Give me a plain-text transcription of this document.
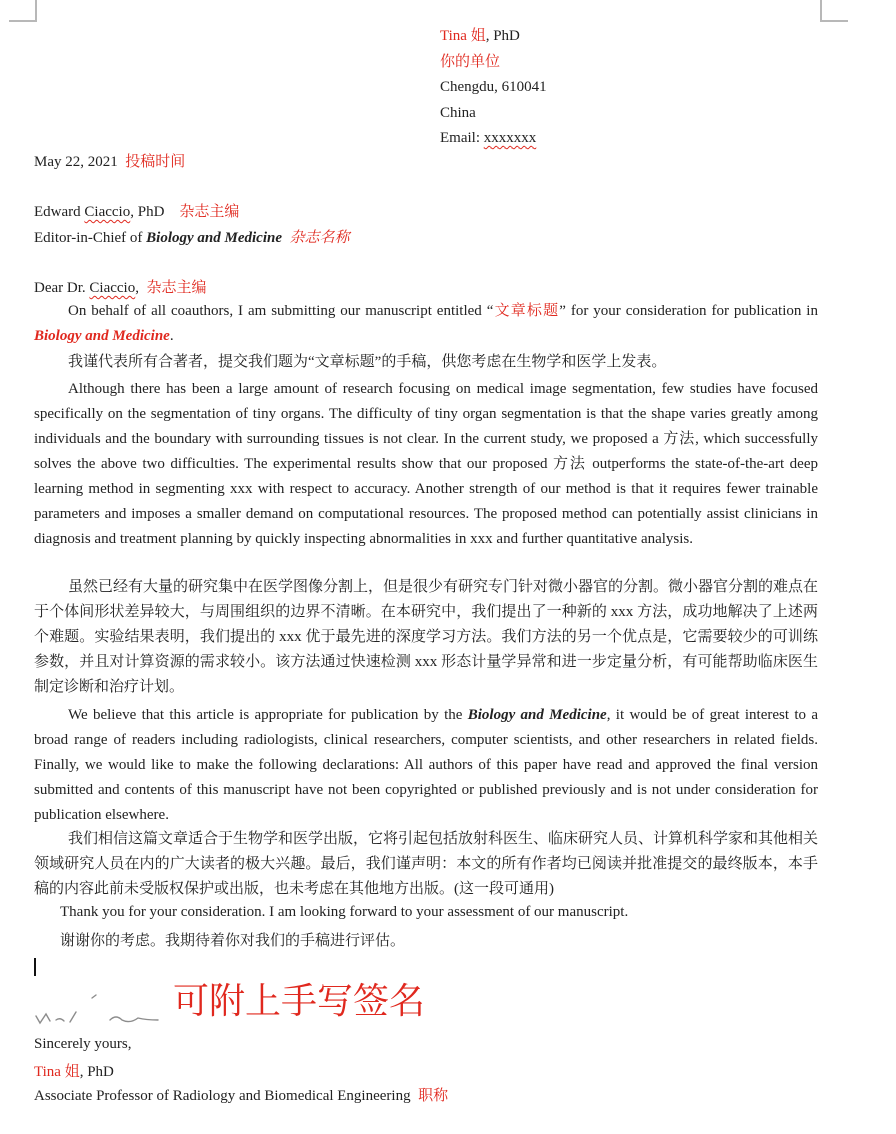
Tina 姐, PhD
你的单位
Chengdu, 610041
China
Email: xxxxxxx
May 22, 2021 投稿时间
Edward Ciaccio, PhD 杂志主编
Editor-in-Chief of Biology and Medicine 杂志名称
Dear Dr. Ciaccio, 杂志主编
On behalf of all coauthors, I am submitting our manuscript entitled “文章标题” for your consideration for publication in Biology and Medicine.
我谨代表所有合著者，提交我们题为“文章标题”的手稿，供您考虑在生物学和医学上发表。
Although there has been a large amount of research focusing on medical image segmentation, few studies have focused specifically on the segmentation of tiny organs. The difficulty of tiny organ segmentation is that the shape varies greatly among individuals and the boundary with surrounding tissues is not clear. In the current study, we proposed a 方法, which successfully solves the above two difficulties. The experimental results show that our proposed 方法 outperforms the state-of-the-art deep learning method in segmenting xxx with respect to accuracy. Another strength of our method is that it requires fewer trainable parameters and imposes a smaller demand on computational resources. The proposed method can potentially assist clinicians in diagnosis and treatment planning by quickly inspecting abnormalities in xxx and further quantitative analysis.
虽然已经有大量的研究集中在医学图像分割上，但是很少有研究专门针对微小器官的分割。微小器官分割的难点在于个体间形状差异较大，与周围组织的边界不清晰。在本研究中，我们提出了一种新的 xxx 方法，成功地解决了上述两个难题。实验结果表明，我们提出的 xxx 优于最先进的深度学习方法。我们方法的另一个优点是，它需要较少的可训练参数，并且对计算资源的需求较小。该方法通过快速检测 xxx 形态计量学异常和进一步定量分析，有可能帮助临床医生制定诊断和治疗计划。
We believe that this article is appropriate for publication by the Biology and Medicine, it would be of great interest to a broad range of readers including radiologists, clinical researchers, computer scientists, and other researchers in related fields. Finally, we would like to make the following declarations: All authors of this paper have read and approved the final version submitted and contents of this manuscript have not been copyrighted or published previously and is not under consideration for publication elsewhere.
我们相信这篇文章适合于生物学和医学出版，它将引起包括放射科医生、临床研究人员、计算机科学家和其他相关领域研究人员在内的广大读者的极大兴趣。最后，我们谨声明：本文的所有作者均已阅读并批准提交的最终版本，本手稿的内容此前未受版权保护或出版，也未考虑在其他地方出版。(这一段可通用)
Thank you for your consideration. I am looking forward to your assessment of our manuscript.
谢谢你的考虑。我期待着你对我们的手稿进行评估。
可附上手写签名
Sincerely yours,
Tina 姐, PhD
Associate Professor of Radiology and Biomedical Engineering 职称
